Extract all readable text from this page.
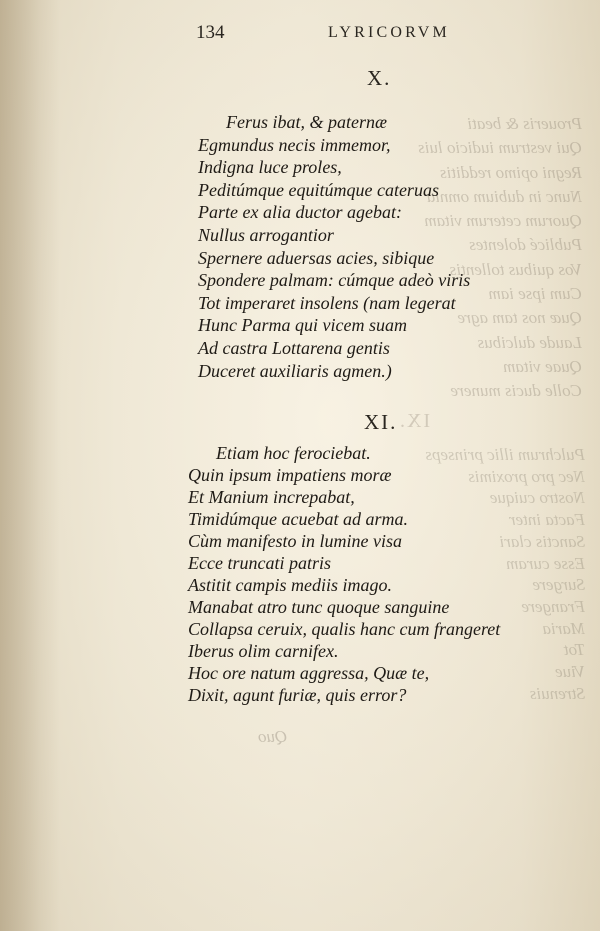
Proueris & beati
Qui vestrum iudicio luis
Regni opimo redditis
Nunc in dubium omnia
Quorum ceterum vitam
Publicé dolentes
Vos quibus tollentis
Cum ipse iam
Quæ nos tam agre
Laude dulcibus
Quae vitam
Colle ducis munere
IX.
Pulchrum illic prinseps
Nec pro proximis
Nostro cuique
Facta inter
Sanctis clari
Esse curam
Surgere
Frangere
Maria
Tot
Viue
Strenuis
Quo
134	LYRICORVM
X.
Ferus ibat, & paternæ
Egmundus necis immemor,
Indigna luce proles,
Peditúmque equitúmque cateruas
Parte ex alia ductor agebat:
Nullus arrogantior
Spernere aduersas acies, sibique
Spondere palmam: cúmque adeò viris
Tot imperaret insolens (nam legerat
Hunc Parma qui vicem suam
Ad castra Lottarena gentis
Duceret auxiliaris agmen.)
XI.
Etiam hoc ferociebat.
Quin ipsum impatiens moræ
Et Manium increpabat,
Timidúmque acuebat ad arma.
Cùm manifesto in lumine visa
Ecce truncati patris
Astitit campis mediis imago.
Manabat atro tunc quoque sanguine
Collapsa ceruix, qualis hanc cum frangeret
Iberus olim carnifex.
Hoc ore natum aggressa, Quæ te,
Dixit, agunt furiæ, quis error?
